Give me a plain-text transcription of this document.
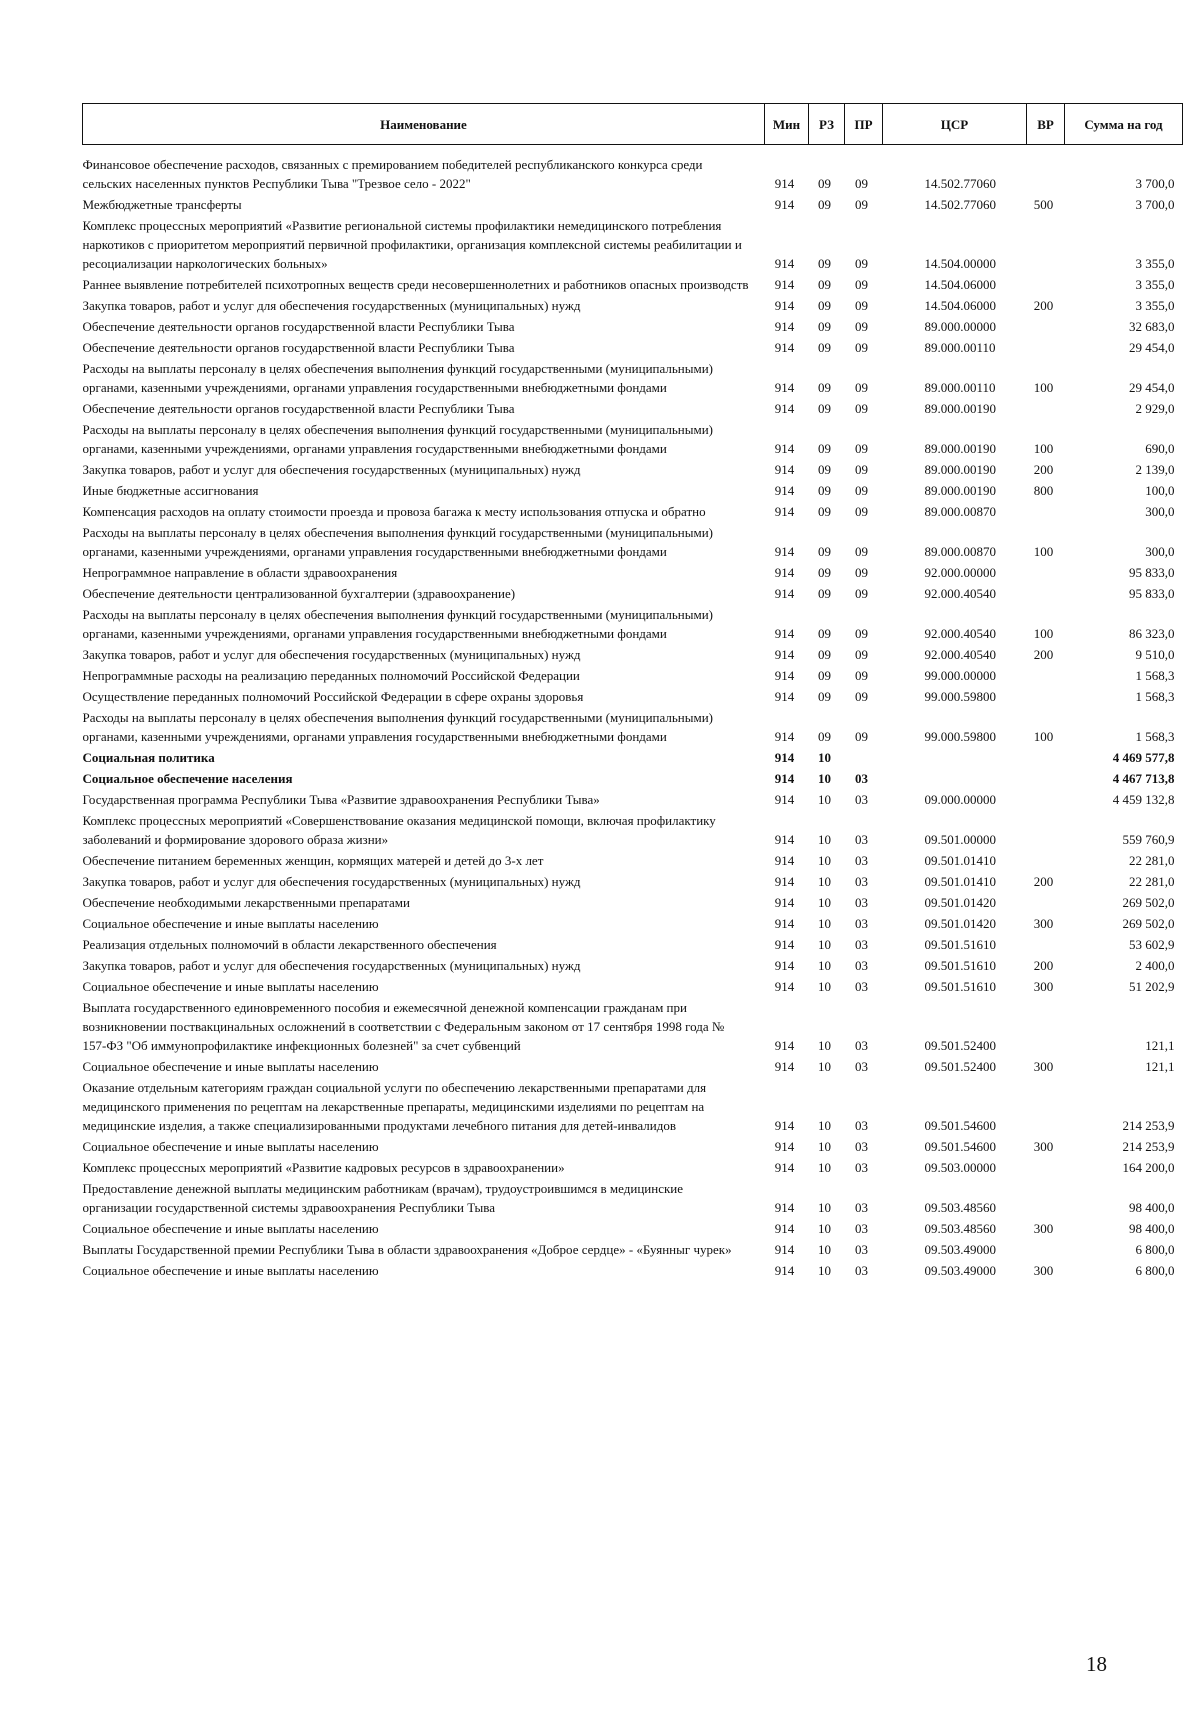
Наименование	Мин	РЗ	ПР	ЦСР	ВР	Сумма на год
Финансовое обеспечение расходов, связанных с премированием победителей республиканского конкурса среди сельских населенных пунктов Республики Тыва "Трезвое село - 2022"	914	09	09	14.502.77060		3 700,0
Межбюджетные трансферты	914	09	09	14.502.77060	500	3 700,0
Комплекс процессных мероприятий «Развитие региональной системы профилактики немедицинского потребления наркотиков с приоритетом мероприятий первичной профилактики, организация комплексной системы реабилитации и ресоциализации наркологических больных»	914	09	09	14.504.00000		3 355,0
Раннее выявление потребителей психотропных веществ среди несовершеннолетних и работников опасных производств	914	09	09	14.504.06000		3 355,0
Закупка товаров, работ и услуг для обеспечения государственных (муниципальных) нужд	914	09	09	14.504.06000	200	3 355,0
Обеспечение деятельности органов государственной власти Республики Тыва	914	09	09	89.000.00000		32 683,0
Обеспечение деятельности органов государственной власти Республики Тыва	914	09	09	89.000.00110		29 454,0
Расходы на выплаты персоналу в целях обеспечения выполнения функций государственными (муниципальными) органами, казенными учреждениями, органами управления государственными внебюджетными фондами	914	09	09	89.000.00110	100	29 454,0
Обеспечение деятельности органов государственной власти Республики Тыва	914	09	09	89.000.00190		2 929,0
Расходы на выплаты персоналу в целях обеспечения выполнения функций государственными (муниципальными) органами, казенными учреждениями, органами управления государственными внебюджетными фондами	914	09	09	89.000.00190	100	690,0
Закупка товаров, работ и услуг для обеспечения государственных (муниципальных) нужд	914	09	09	89.000.00190	200	2 139,0
Иные бюджетные ассигнования	914	09	09	89.000.00190	800	100,0
Компенсация расходов на оплату стоимости проезда и провоза багажа к месту использования отпуска и обратно	914	09	09	89.000.00870		300,0
Расходы на выплаты персоналу в целях обеспечения выполнения функций государственными (муниципальными) органами, казенными учреждениями, органами управления государственными внебюджетными фондами	914	09	09	89.000.00870	100	300,0
Непрограммное направление в области здравоохранения	914	09	09	92.000.00000		95 833,0
Обеспечение деятельности централизованной бухгалтерии (здравоохранение)	914	09	09	92.000.40540		95 833,0
Расходы на выплаты персоналу в целях обеспечения выполнения функций государственными (муниципальными) органами, казенными учреждениями, органами управления государственными внебюджетными фондами	914	09	09	92.000.40540	100	86 323,0
Закупка товаров, работ и услуг для обеспечения государственных (муниципальных) нужд	914	09	09	92.000.40540	200	9 510,0
Непрограммные расходы на реализацию переданных полномочий Российской Федерации	914	09	09	99.000.00000		1 568,3
Осуществление переданных полномочий Российской Федерации в сфере охраны здоровья	914	09	09	99.000.59800		1 568,3
Расходы на выплаты персоналу в целях обеспечения выполнения функций государственными (муниципальными) органами, казенными учреждениями, органами управления государственными внебюджетными фондами	914	09	09	99.000.59800	100	1 568,3
Социальная политика	914	10				4 469 577,8
Социальное обеспечение населения	914	10	03			4 467 713,8
Государственная программа Республики Тыва «Развитие здравоохранения Республики Тыва»	914	10	03	09.000.00000		4 459 132,8
Комплекс процессных мероприятий «Совершенствование оказания медицинской помощи, включая профилактику заболеваний и формирование здорового образа жизни»	914	10	03	09.501.00000		559 760,9
Обеспечение питанием беременных женщин, кормящих матерей и детей до 3-х лет	914	10	03	09.501.01410		22 281,0
Закупка товаров, работ и услуг для обеспечения государственных (муниципальных) нужд	914	10	03	09.501.01410	200	22 281,0
Обеспечение необходимыми лекарственными препаратами	914	10	03	09.501.01420		269 502,0
Социальное обеспечение и иные выплаты населению	914	10	03	09.501.01420	300	269 502,0
Реализация отдельных полномочий в области лекарственного обеспечения	914	10	03	09.501.51610		53 602,9
Закупка товаров, работ и услуг для обеспечения государственных (муниципальных) нужд	914	10	03	09.501.51610	200	2 400,0
Социальное обеспечение и иные выплаты населению	914	10	03	09.501.51610	300	51 202,9
Выплата государственного единовременного пособия и ежемесячной денежной компенсации гражданам при возникновении поствакцинальных осложнений в соответствии с Федеральным законом от 17 сентября 1998 года № 157-ФЗ "Об иммунопрофилактике инфекционных болезней" за счет субвенций	914	10	03	09.501.52400		121,1
Социальное обеспечение и иные выплаты населению	914	10	03	09.501.52400	300	121,1
Оказание отдельным категориям граждан социальной услуги по обеспечению лекарственными препаратами для медицинского применения по рецептам на лекарственные препараты, медицинскими изделиями по рецептам на медицинские изделия, а также специализированными продуктами лечебного питания для детей-инвалидов	914	10	03	09.501.54600		214 253,9
Социальное обеспечение и иные выплаты населению	914	10	03	09.501.54600	300	214 253,9
Комплекс процессных мероприятий «Развитие кадровых ресурсов в здравоохранении»	914	10	03	09.503.00000		164 200,0
Предоставление денежной выплаты медицинским работникам (врачам), трудоустроившимся в медицинские организации государственной системы здравоохранения Республики Тыва	914	10	03	09.503.48560		98 400,0
Социальное обеспечение и иные выплаты населению	914	10	03	09.503.48560	300	98 400,0
Выплаты Государственной премии Республики Тыва в области здравоохранения «Доброе сердце» - «Буянныг чурек»	914	10	03	09.503.49000		6 800,0
Социальное обеспечение и иные выплаты населению	914	10	03	09.503.49000	300	6 800,0
18
